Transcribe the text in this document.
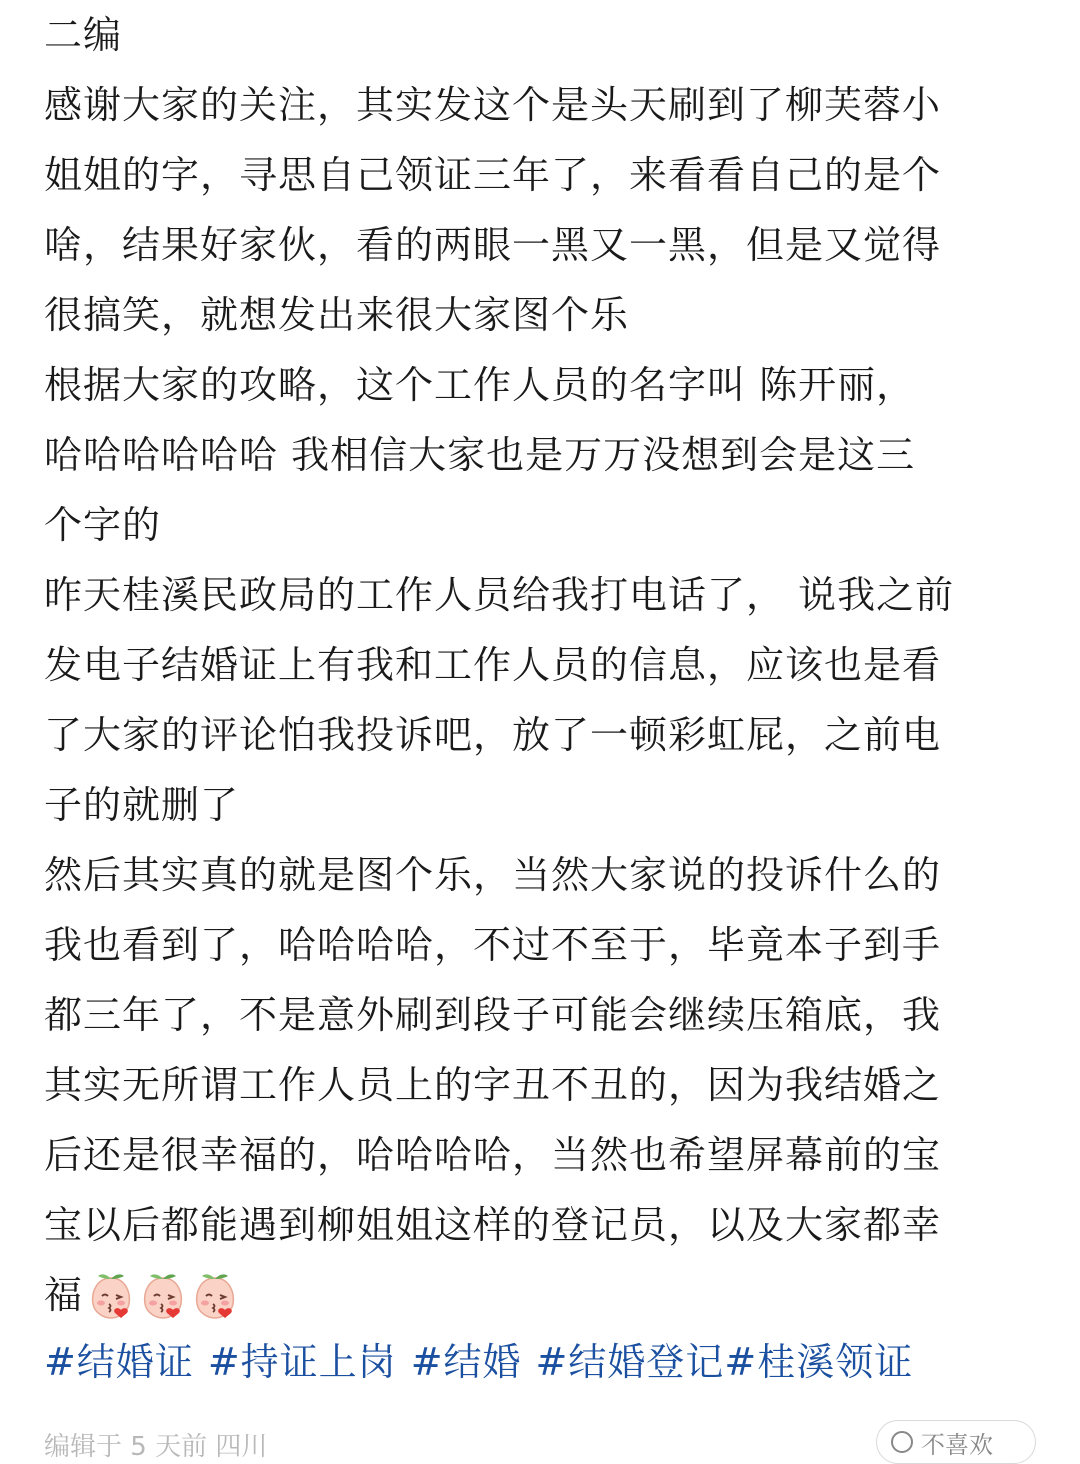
二编
感谢大家的关注，其实发这个是头天刷到了柳芙蓉小
姐姐的字，寻思自己领证三年了，来看看自己的是个
啥，结果好家伙，看的两眼一黑又一黑，但是又觉得
很搞笑，就想发出来很大家图个乐
根据大家的攻略，这个工作人员的名字叫 陈开丽，
哈哈哈哈哈哈 我相信大家也是万万没想到会是这三
个字的
昨天桂溪民政局的工作人员给我打电话了， 说我之前
发电子结婚证上有我和工作人员的信息，应该也是看
了大家的评论怕我投诉吧，放了一顿彩虹屁，之前电
子的就删了
然后其实真的就是图个乐，当然大家说的投诉什么的
我也看到了，哈哈哈哈，不过不至于，毕竟本子到手
都三年了，不是意外刷到段子可能会继续压箱底，我
其实无所谓工作人员上的字丑不丑的，因为我结婚之
后还是很幸福的，哈哈哈哈，当然也希望屏幕前的宝
宝以后都能遇到柳姐姐这样的登记员，以及大家都幸
福
#结婚证 #持证上岗 #结婚 #结婚登记#桂溪领证
编辑于 5 天前 四川	不喜欢
